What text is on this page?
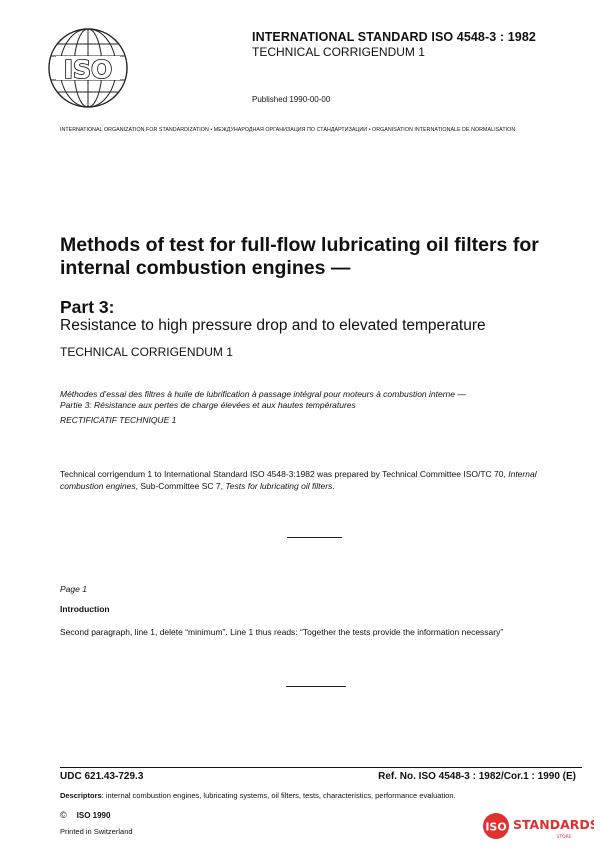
ISO
INTERNATIONAL STANDARD ISO 4548-3 : 1982
TECHNICAL CORRIGENDUM 1
Published 1990-00-00
INTERNATIONAL ORGANIZATION FOR STANDARDIZATION • МЕЖДУНАРОДНАЯ ОРГАНИЗАЦИЯ ПО СТАНДАРТИЗАЦИИ • ORGANISATION INTERNATIONALE DE NORMALISATION
Methods of test for full-flow lubricating oil filters for internal combustion engines —
Part 3:
Resistance to high pressure drop and to elevated temperature
TECHNICAL CORRIGENDUM 1
Méthodes d’essai des filtres à huile de lubrification à passage intégral pour moteurs à combustion interne —
Partie 3: Résistance aux pertes de charge élevées et aux hautes températures
RECTIFICATIF TECHNIQUE 1
Technical corrigendum 1 to International Standard ISO 4548-3:1982 was prepared by Technical Committee ISO/TC 70, Internal combustion engines, Sub-Committee SC 7, Tests for lubricating oil filters.
Page 1
Introduction
Second paragraph, line 1, delete “minimum”. Line 1 thus reads: “Together the tests provide the information necessary”
UDC 621.43-729.3	Ref. No. ISO 4548-3 : 1982/Cor.1 : 1990 (E)
Descriptors: internal combustion engines, lubricating systems, oil filters, tests, characteristics, performance evaluation.
© ISO 1990
Printed in Switzerland	ISO STANDARDS
STORE
